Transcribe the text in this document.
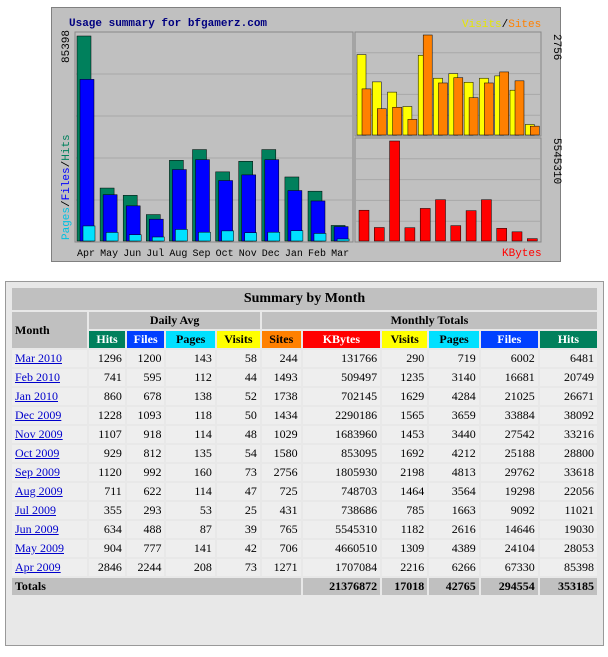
Usage summary for bfgamerz.com	Visits/Sites
KBytes
85398
Pages/Files/Hits
2756
5545310
Apr May Jun Jul Aug Sep Oct Nov Dec Jan Feb Mar
Summary by Month										
Month	Daily Avg				Monthly Totals					
	Hits	Files	Pages	Visits	Sites	KBytes	Visits	Pages	Files	Hits
Mar 2010	1296	1200	143	58	244	131766	290	719	6002	6481
Feb 2010	741	595	112	44	1493	509497	1235	3140	16681	20749
Jan 2010	860	678	138	52	1738	702145	1629	4284	21025	26671
Dec 2009	1228	1093	118	50	1434	2290186	1565	3659	33884	38092
Nov 2009	1107	918	114	48	1029	1683960	1453	3440	27542	33216
Oct 2009	929	812	135	54	1580	853095	1692	4212	25188	28800
Sep 2009	1120	992	160	73	2756	1805930	2198	4813	29762	33618
Aug 2009	711	622	114	47	725	748703	1464	3564	19298	22056
Jul 2009	355	293	53	25	431	738686	785	1663	9092	11021
Jun 2009	634	488	87	39	765	5545310	1182	2616	14646	19030
May 2009	904	777	141	42	706	4660510	1309	4389	24104	28053
Apr 2009	2846	2244	208	73	1271	1707084	2216	6266	67330	85398
Totals						21376872	17018	42765	294554	353185
